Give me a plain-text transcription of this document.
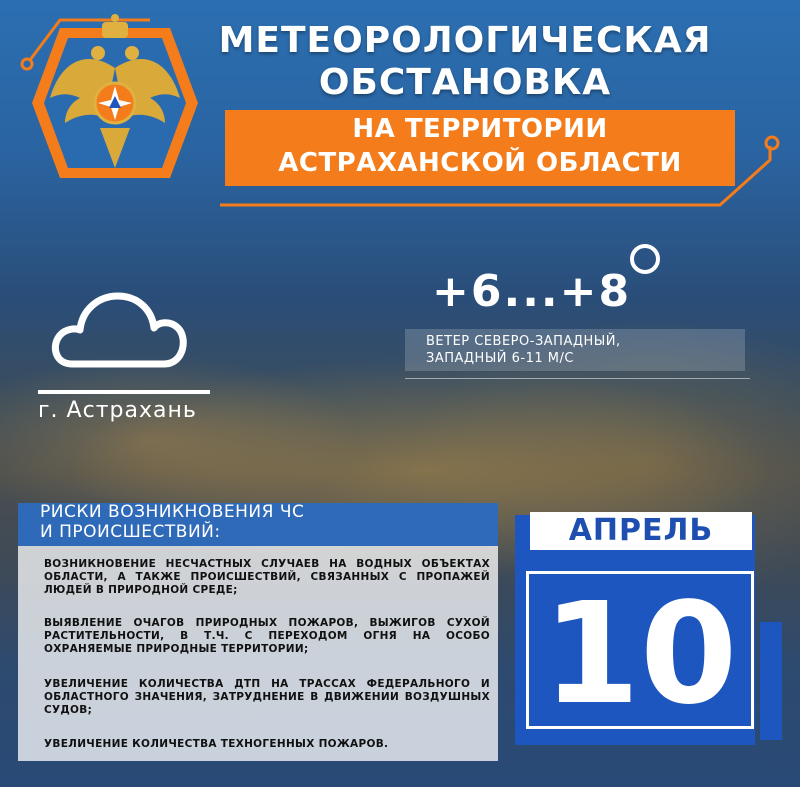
МЕТЕОРОЛОГИЧЕСКАЯ
ОБСТАНОВКА
НА ТЕРРИТОРИИ
АСТРАХАНСКОЙ ОБЛАСТИ
г. Астрахань
+6...+8
ВЕТЕР СЕВЕРО-ЗАПАДНЫЙ,
ЗАПАДНЫЙ 6-11 М/С
РИСКИ ВОЗНИКНОВЕНИЯ ЧС
И ПРОИСШЕСТВИЙ:
ВОЗНИКНОВЕНИЕ НЕСЧАСТНЫХ СЛУЧАЕВ НА ВОДНЫХ ОБЪЕКТАХ ОБЛАСТИ, А ТАКЖЕ ПРОИСШЕСТВИЙ, СВЯЗАННЫХ С ПРОПАЖЕЙ ЛЮДЕЙ В ПРИРОДНОЙ СРЕДЕ;
ВЫЯВЛЕНИЕ ОЧАГОВ ПРИРОДНЫХ ПОЖАРОВ, ВЫЖИГОВ СУХОЙ РАСТИТЕЛЬНОСТИ, В Т.Ч. С ПЕРЕХОДОМ ОГНЯ НА ОСОБО ОХРАНЯЕМЫЕ ПРИРОДНЫЕ ТЕРРИТОРИИ;
УВЕЛИЧЕНИЕ КОЛИЧЕСТВА ДТП НА ТРАССАХ ФЕДЕРАЛЬНОГО И ОБЛАСТНОГО ЗНАЧЕНИЯ, ЗАТРУДНЕНИЕ В ДВИЖЕНИИ ВОЗДУШНЫХ СУДОВ;
УВЕЛИЧЕНИЕ КОЛИЧЕСТВА ТЕХНОГЕННЫХ ПОЖАРОВ.
АПРЕЛЬ
10
